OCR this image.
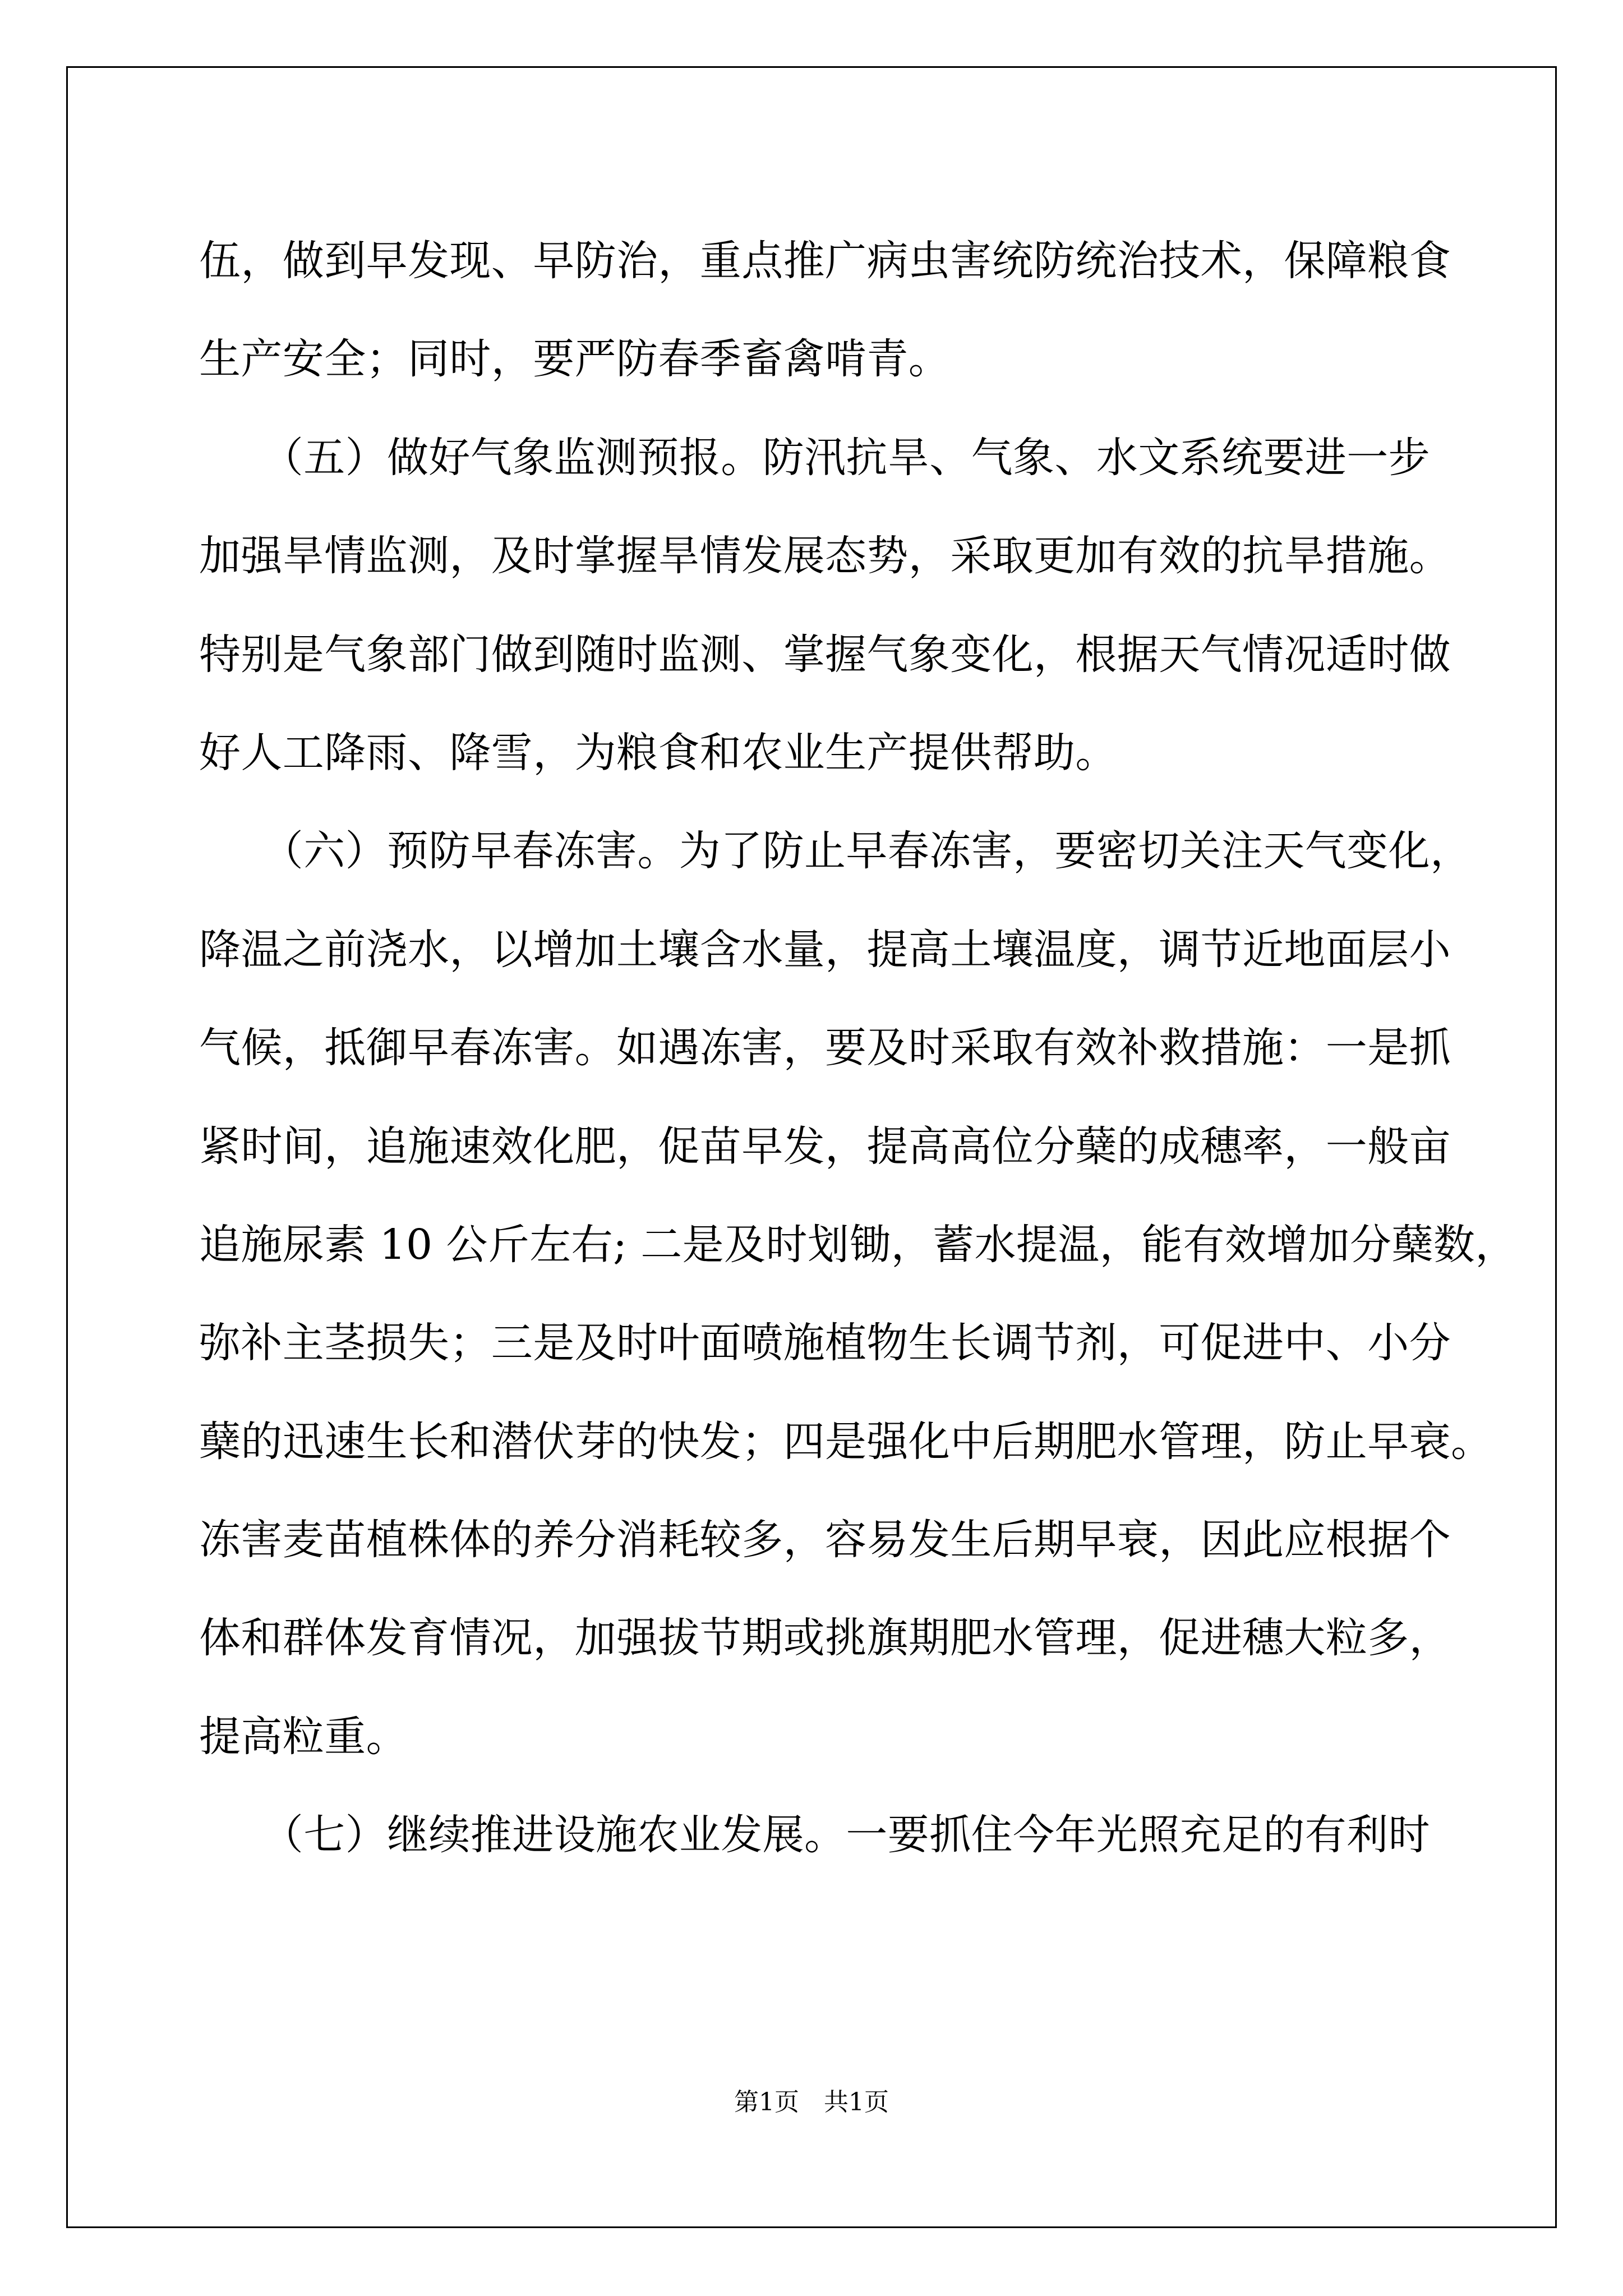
伍，做到早发现、早防治，重点推广病虫害统防统治技术，保障粮食
生产安全；同时，要严防春季畜禽啃青。
　　（五）做好气象监测预报。防汛抗旱、气象、水文系统要进一步
加强旱情监测，及时掌握旱情发展态势，采取更加有效的抗旱措施。
特别是气象部门做到随时监测、掌握气象变化，根据天气情况适时做
好人工降雨、降雪，为粮食和农业生产提供帮助。
　　（六）预防早春冻害。为了防止早春冻害，要密切关注天气变化，
降温之前浇水，以增加土壤含水量，提高土壤温度，调节近地面层小
气候，抵御早春冻害。如遇冻害，要及时采取有效补救措施：一是抓
紧时间，追施速效化肥，促苗早发，提高高位分蘖的成穗率，一般亩
追施尿素 10 公斤左右; 二是及时划锄，蓄水提温，能有效增加分蘖数，
弥补主茎损失；三是及时叶面喷施植物生长调节剂，可促进中、小分
蘖的迅速生长和潜伏芽的快发；四是强化中后期肥水管理，防止早衰。
冻害麦苗植株体的养分消耗较多，容易发生后期早衰，因此应根据个
体和群体发育情况，加强拔节期或挑旗期肥水管理，促进穗大粒多，
提高粒重。
　　（七）继续推进设施农业发展。一要抓住今年光照充足的有利时
第1页　共1页
